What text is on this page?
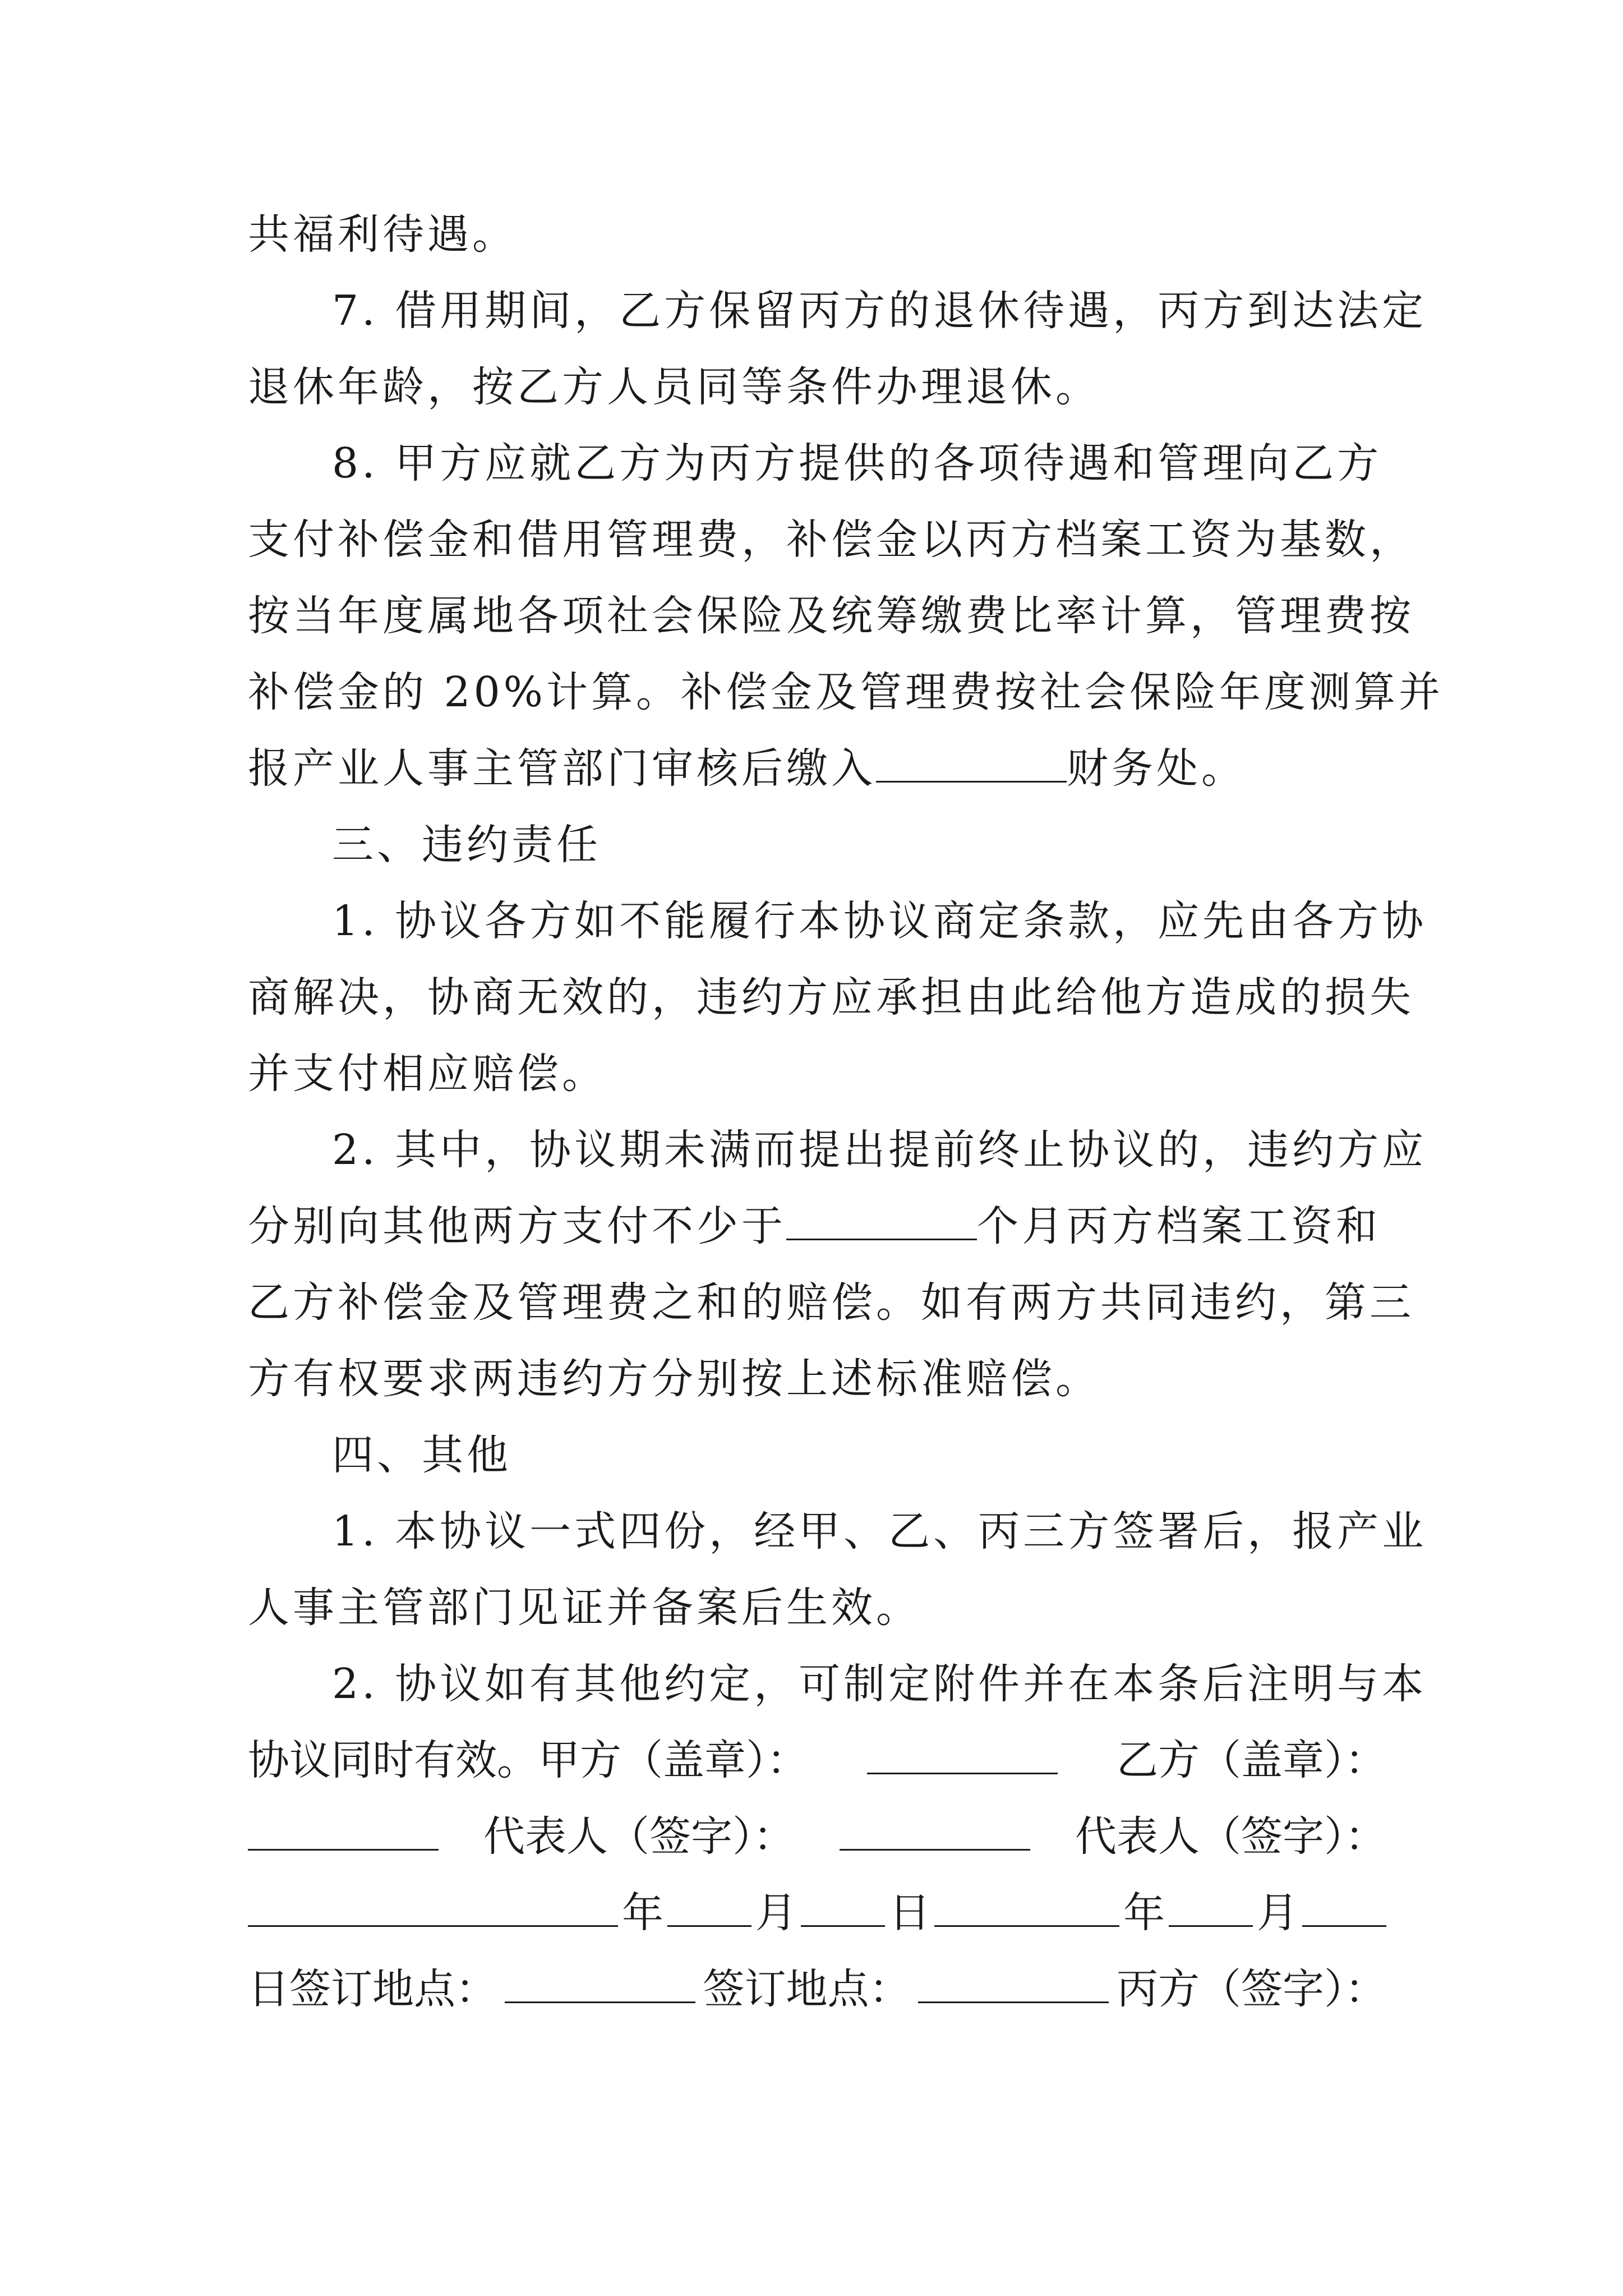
共福利待遇。
7. 借用期间，乙方保留丙方的退休待遇，丙方到达法定
退休年龄，按乙方人员同等条件办理退休。
8. 甲方应就乙方为丙方提供的各项待遇和管理向乙方
支付补偿金和借用管理费，补偿金以丙方档案工资为基数，
按当年度属地各项社会保险及统筹缴费比率计算，管理费按
补偿金的 20%计算。补偿金及管理费按社会保险年度测算并
报产业人事主管部门审核后缴入	财务处。
三、违约责任
1. 协议各方如不能履行本协议商定条款，应先由各方协
商解决，协商无效的，违约方应承担由此给他方造成的损失
并支付相应赔偿。
2. 其中，协议期未满而提出提前终止协议的，违约方应
分别向其他两方支付不少于	个月丙方档案工资和
乙方补偿金及管理费之和的赔偿。如有两方共同违约，第三
方有权要求两违约方分别按上述标准赔偿。
四、其他
1. 本协议一式四份，经甲、乙、丙三方签署后，报产业
人事主管部门见证并备案后生效。
2. 协议如有其他约定，可制定附件并在本条后注明与本
协议同时有效。甲方（盖章）：	乙方（盖章）：
代表人（签字）：	代表人（签字）：
年 月 日	年 月
日签订地点：	签订地点：	丙方（签字）：
